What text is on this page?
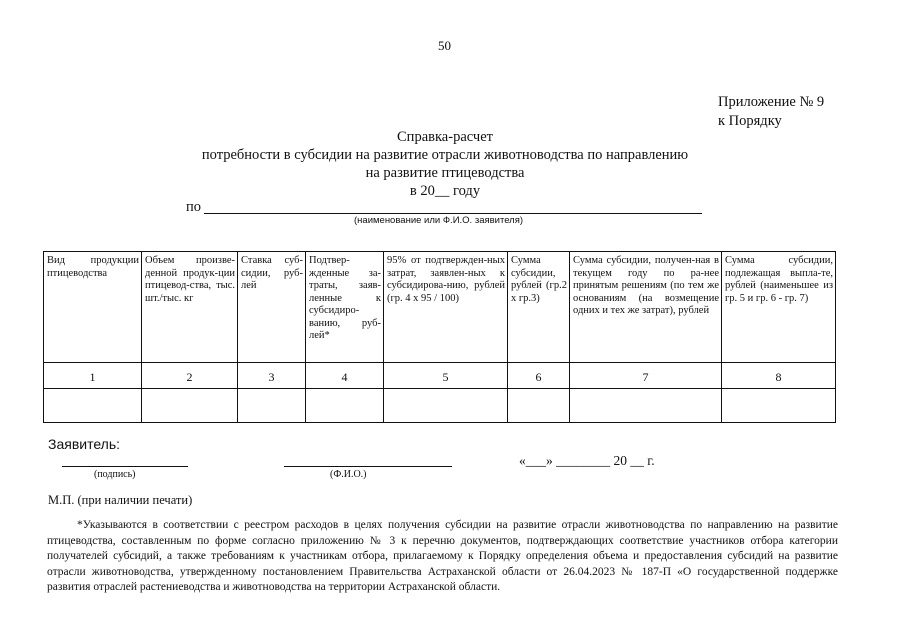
50
Приложение № 9
к Порядку
Справка-расчет
потребности в субсидии на развитие отрасли животноводства по направлению
на развитие птицеводства
в 20__ году
по
(наименование или Ф.И.О. заявителя)
Вид продукции птицеводства	Объем произве-денной продук-ции птицевод-ства, тыс. шт./тыс. кг	Ставка суб-сидии, руб-лей	Подтвер-жденные за-траты, заяв-ленные к субсидиро-ванию, руб-лей*	95% от подтвержден-ных затрат, заявлен-ных к субсидирова-нию, рублей (гр. 4 х 95 / 100)	Сумма субсидии, рублей (гр.2 х гр.3)	Сумма субсидии, получен-ная в текущем году по ра-нее принятым решениям (по тем же основаниям (на возмещение одних и тех же затрат), рублей	Сумма субсидии, подлежащая выпла-те, рублей (наименьшее из гр. 5 и гр. 6 - гр. 7)
1	2	3	4	5	6	7	8

Заявитель:
(подпись)	(Ф.И.О.)
«___» ________ 20 __ г.
М.П. (при наличии печати)
*Указываются в соответствии с реестром расходов в целях получения субсидии на развитие отрасли животноводства по направлению на развитие птицеводства, составленным по форме согласно приложению № 3 к перечню документов, подтверждающих соответствие участников отбора категории получателей субсидий, а также требованиям к участникам отбора, прилагаемому к Порядку определения объема и предоставления субсидий на развитие отрасли животноводства, утвержденному постановлением Правительства Астраханской области от 26.04.2023 № 187-П «О государственной поддержке развития отраслей растениеводства и животноводства на территории Астраханской области.
